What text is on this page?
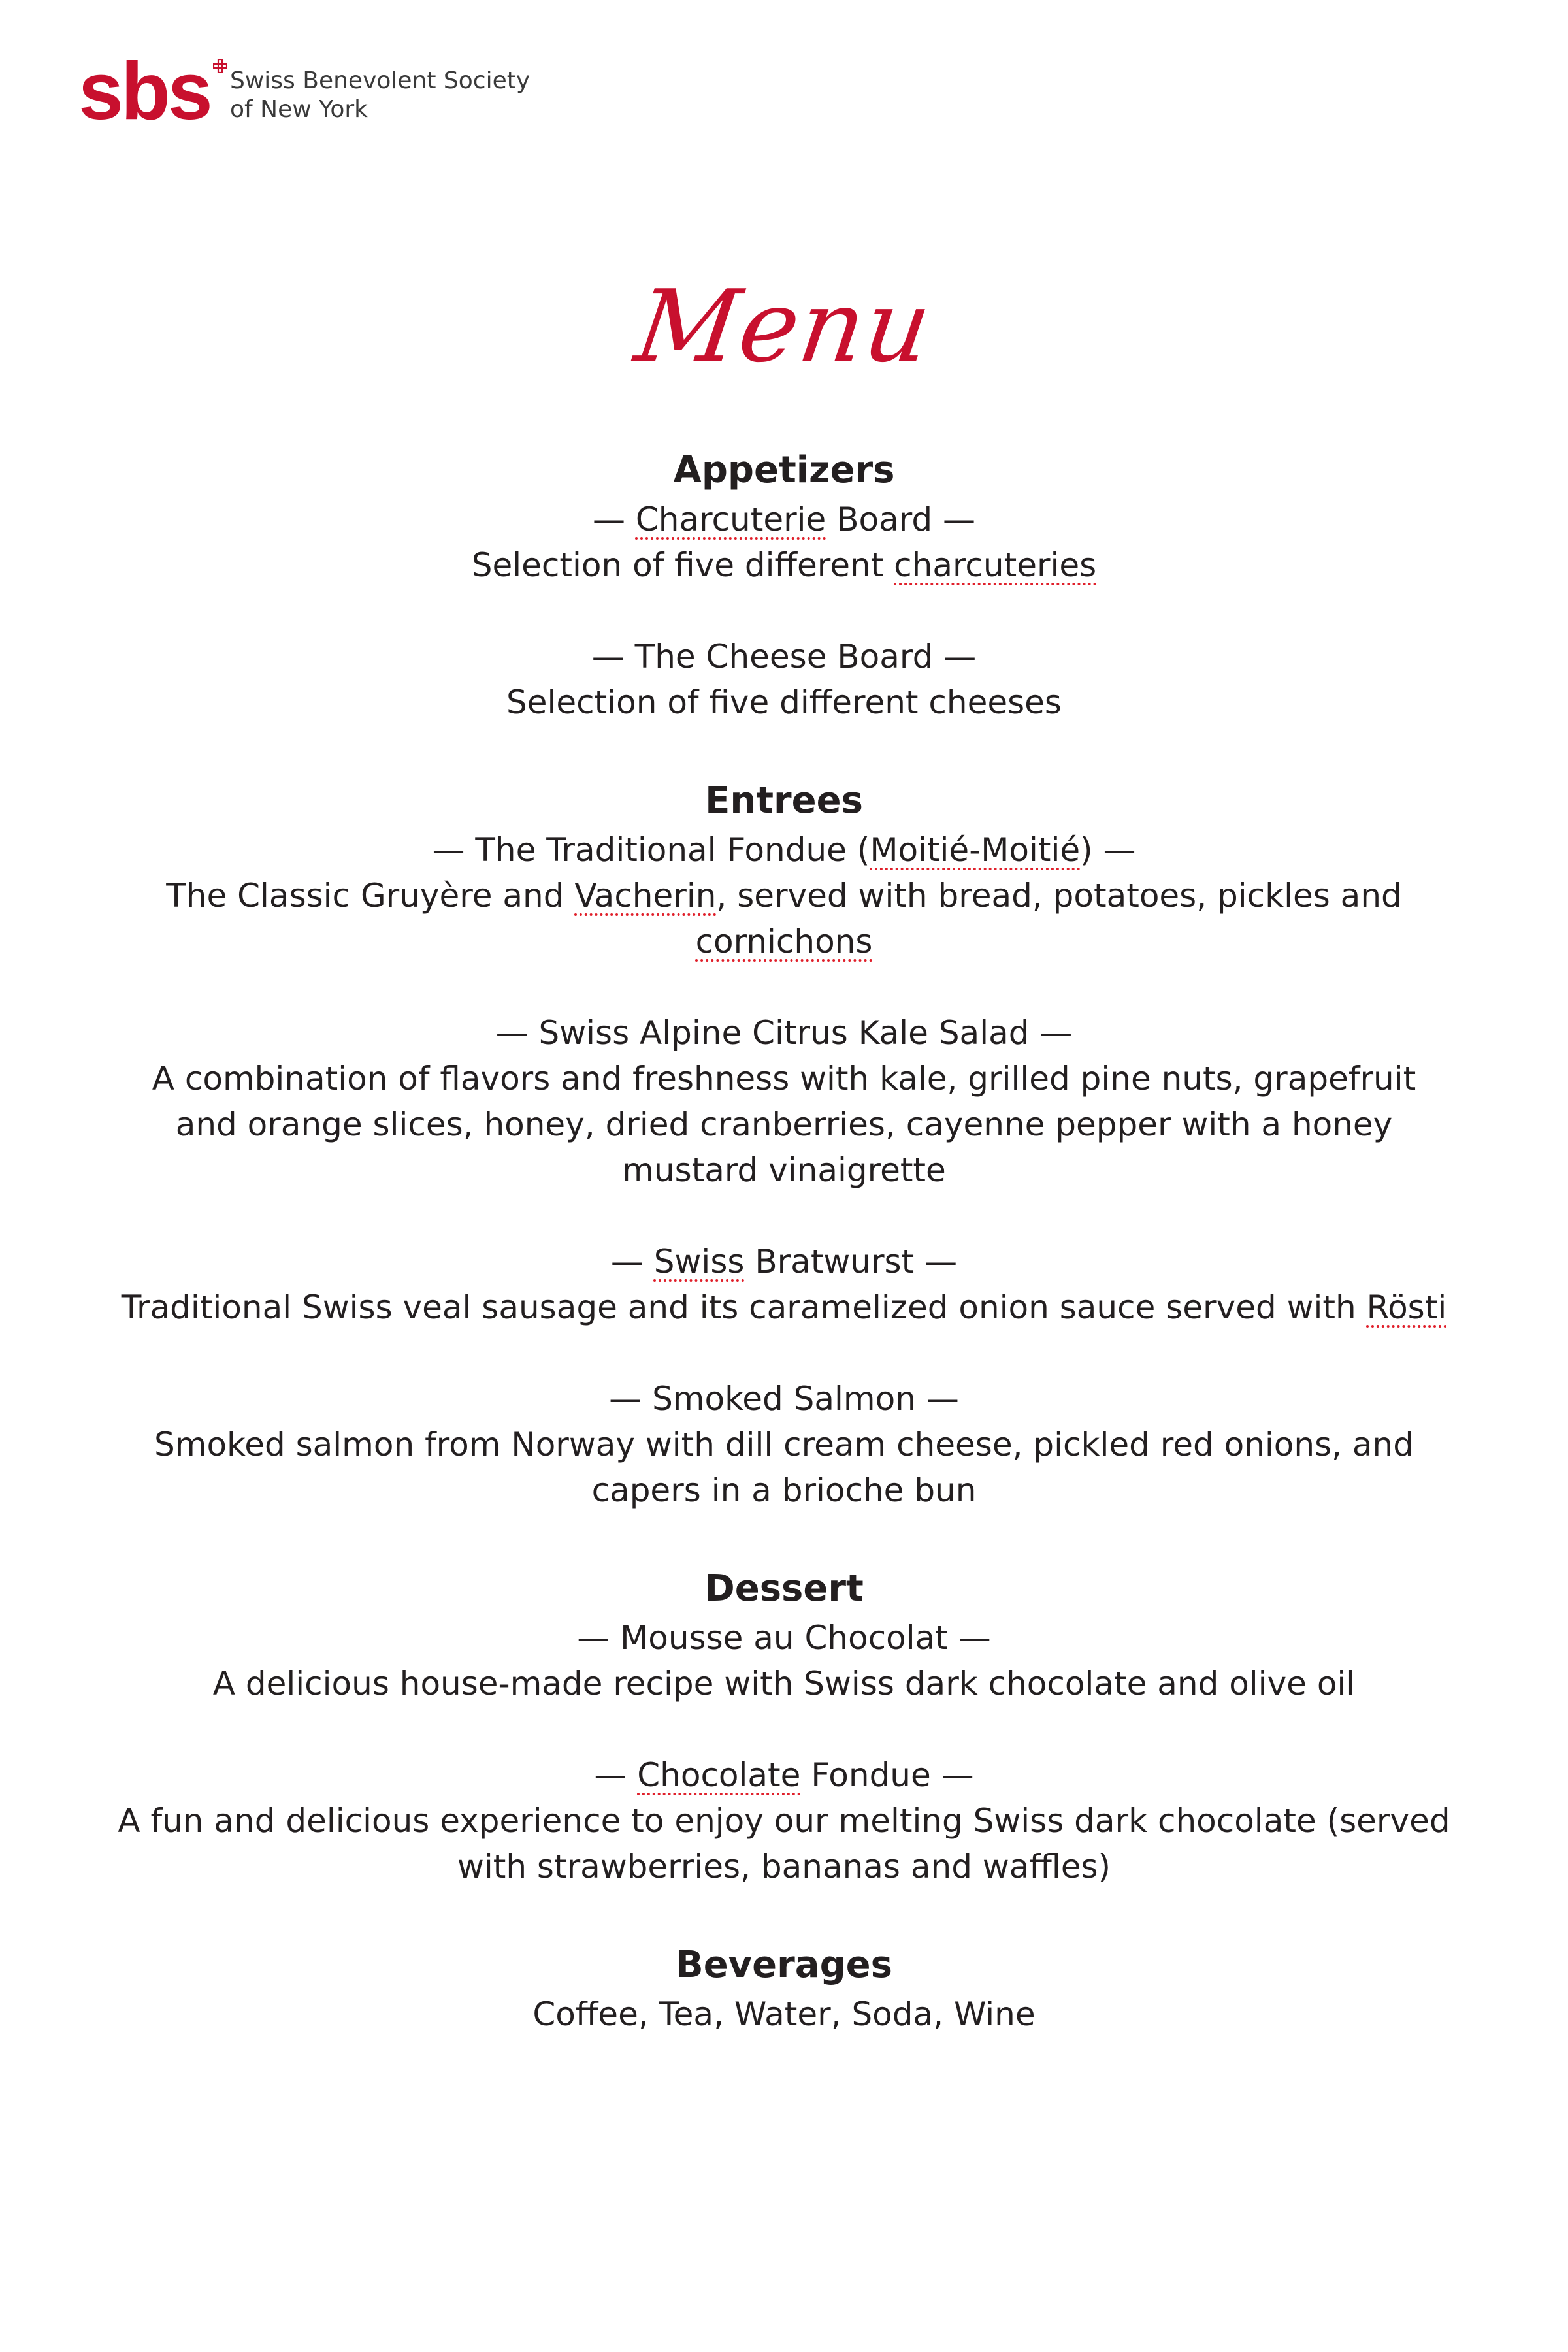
sbs Swiss Benevolent Society
of New York
Menu

Appetizers

— Charcuterie Board —

Selection of five different charcuteries

— The Cheese Board —

Selection of five different cheeses

Entrees

— The Traditional Fondue (Moitié-Moitié) —

The Classic Gruyère and Vacherin, served with bread, potatoes, pickles and cornichons

— Swiss Alpine Citrus Kale Salad —

A combination of flavors and freshness with kale, grilled pine nuts, grapefruit and orange slices, honey, dried cranberries, cayenne pepper with a honey mustard vinaigrette

— Swiss Bratwurst —

Traditional Swiss veal sausage and its caramelized onion sauce served with Rösti

— Smoked Salmon —

Smoked salmon from Norway with dill cream cheese, pickled red onions, and capers in a brioche bun

Dessert

— Mousse au Chocolat —

A delicious house-made recipe with Swiss dark chocolate and olive oil

— Chocolate Fondue —

A fun and delicious experience to enjoy our melting Swiss dark chocolate (served with strawberries, bananas and waffles)

Beverages

Coffee, Tea, Water, Soda, Wine
